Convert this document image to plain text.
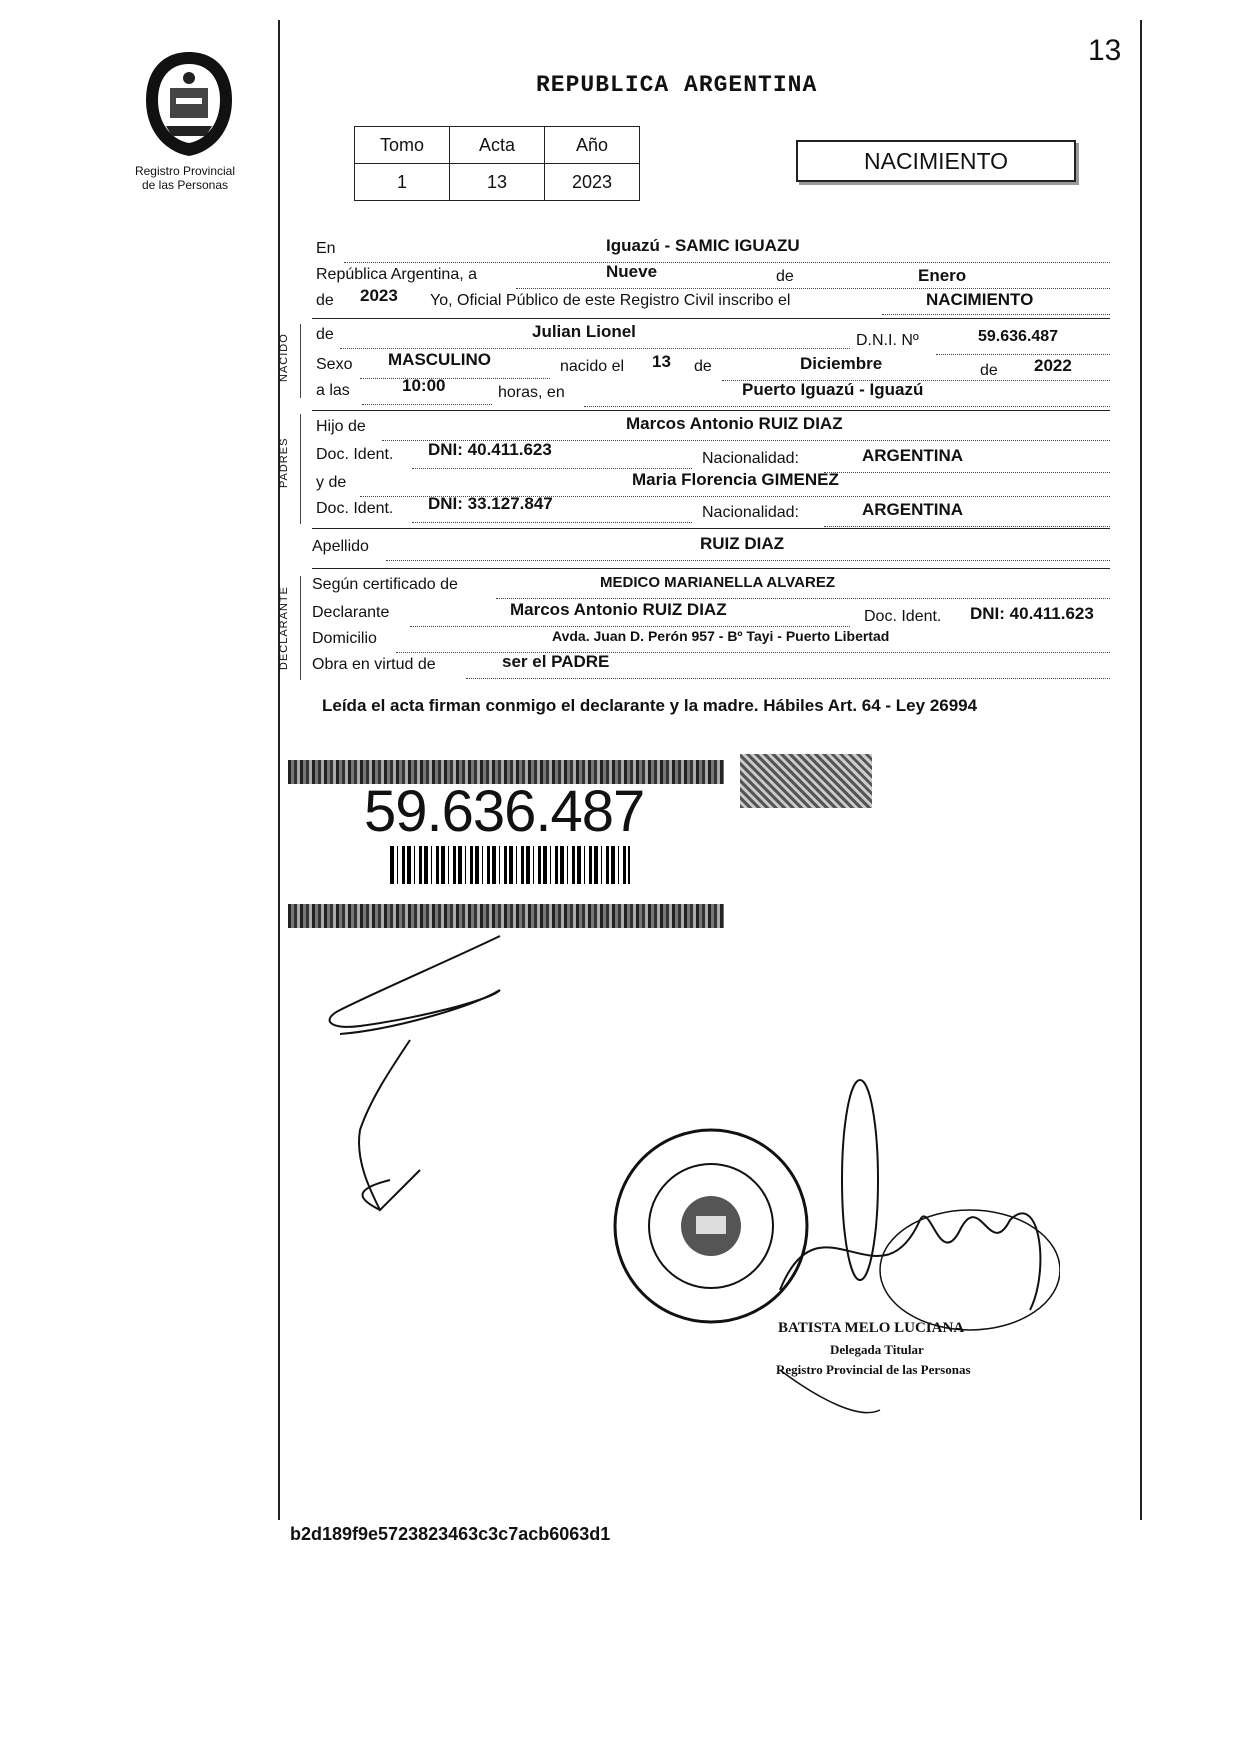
13
Registro Provincial
de las Personas
REPUBLICA ARGENTINA
Tomo	Acta	Año
1	13	2023
NACIMIENTO
En	Iguazú - SAMIC IGUAZU
República Argentina, a	Nueve	de	Enero
de 2023 Yo, Oficial Público de este Registro Civil inscribo el	NACIMIENTO
NACIDO de	Julian Lionel	D.N.I. Nº	59.636.487
Sexo MASCULINO	nacido el 13 de	Diciembre	de 2022
a las	10:00	horas, en	Puerto Iguazú - Iguazú
PADRES
Hijo de	Marcos Antonio RUIZ DIAZ
Doc. Ident. DNI: 40.411.623	Nacionalidad:	ARGENTINA
y de	Maria Florencia GIMENEZ
Doc. Ident. DNI: 33.127.847	Nacionalidad:	ARGENTINA
Apellido	RUIZ DIAZ
DECLARANTE
Según certificado de	MEDICO MARIANELLA ALVAREZ
Declarante	Marcos Antonio RUIZ DIAZ	Doc. Ident. DNI: 40.411.623
Domicilio	Avda. Juan D. Perón 957 - Bº Tayi - Puerto Libertad
Obra en virtud de	ser el PADRE
Leída el acta firman conmigo el declarante y la madre. Hábiles Art. 64 - Ley 26994
59.636.487
BATISTA MELO LUCIANA
Delegada Titular
Registro Provincial de las Personas
b2d189f9e5723823463c3c7acb6063d1
